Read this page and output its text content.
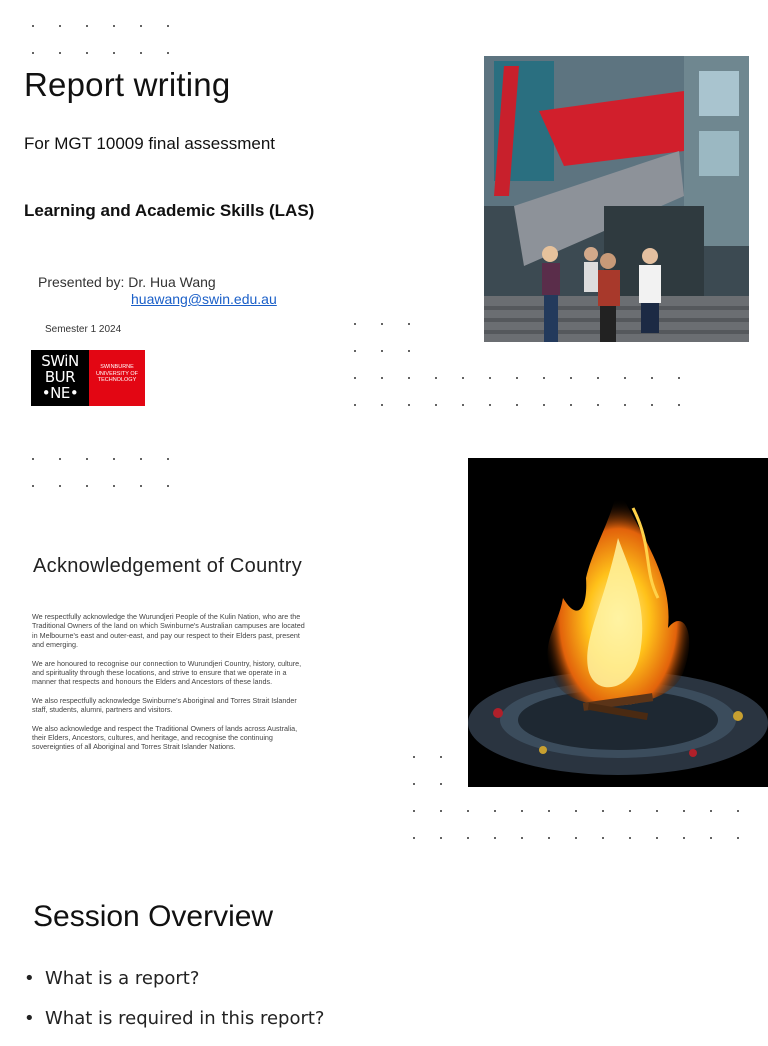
Report writing
For MGT 10009 final assessment
Learning and Academic Skills (LAS)
Presented by: Dr. Hua Wang
huawang@swin.edu.au
Semester 1 2024
SWiN
BUR
•NE•
SWINBURNE UNIVERSITY OF TECHNOLOGY
Acknowledgement of Country

We respectfully acknowledge the Wurundjeri People of the Kulin Nation, who are the Traditional Owners of the land on which Swinburne's Australian campuses are located in Melbourne's east and outer-east, and pay our respect to their Elders past, present and emerging.

We are honoured to recognise our connection to Wurundjeri Country, history, culture, and spirituality through these locations, and strive to ensure that we operate in a manner that respects and honours the Elders and Ancestors of these lands.

We also respectfully acknowledge Swinburne's Aboriginal and Torres Strait Islander staff, students, alumni, partners and visitors.

We also acknowledge and respect the Traditional Owners of lands across Australia, their Elders, Ancestors, cultures, and heritage, and recognise the continuing sovereignties of all Aboriginal and Torres Strait Islander Nations.

Session Overview
• What is a report?
• What is required in this report?
